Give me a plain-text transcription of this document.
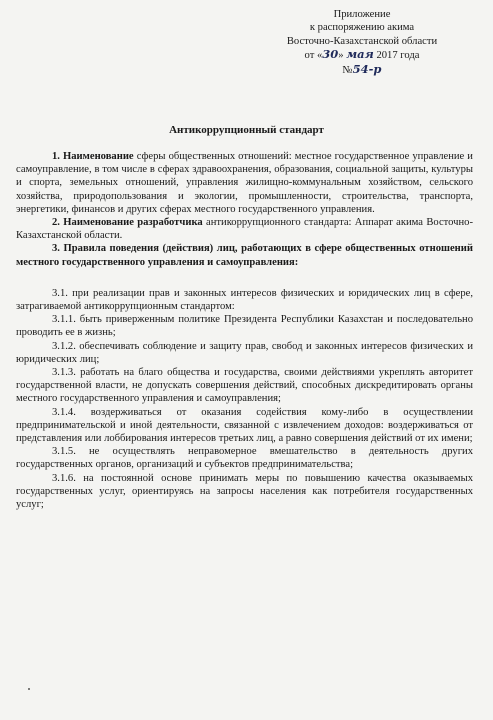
Приложение
к распоряжению акима
Восточно-Казахстанской области
от «30» мая 2017 года
№54-р
Антикоррупционный стандарт

1. Наименование сферы общественных отношений: местное государственное управление и самоуправление, в том числе в сферах здравоохранения, образования, социальной защиты, культуры и спорта, земельных отношений, управления жилищно-коммунальным хозяйством, сельского хозяйства, природопользования и экологии, промышленности, строительства, транспорта, энергетики, финансов и других сферах местного государственного управления.

2. Наименование разработчика антикоррупционного стандарта: Аппарат акима Восточно-Казахстанской области.

3. Правила поведения (действия) лиц, работающих в сфере общественных отношений местного государственного управления и самоуправления:

3.1. при реализации прав и законных интересов физических и юридических лиц в сфере, затрагиваемой антикоррупционным стандартом:

3.1.1. быть приверженным политике Президента Республики Казахстан и последовательно проводить ее в жизнь;

3.1.2. обеспечивать соблюдение и защиту прав, свобод и законных интересов физических и юридических лиц;

3.1.3. работать на благо общества и государства, своими действиями укреплять авторитет государственной власти, не допускать совершения действий, способных дискредитировать органы местного государственного управления и самоуправления;

3.1.4. воздерживаться от оказания содействия кому-либо в осуществлении предпринимательской и иной деятельности, связанной с извлечением доходов: воздерживаться от представления или лоббирования интересов третьих лиц, а равно совершения действий от их имени;

3.1.5. не осуществлять неправомерное вмешательство в деятельность других государственных органов, организаций и субъектов предпринимательства;

3.1.6. на постоянной основе принимать меры по повышению качества оказываемых государственных услуг, ориентируясь на запросы населения как потребителя государственных услуг;
